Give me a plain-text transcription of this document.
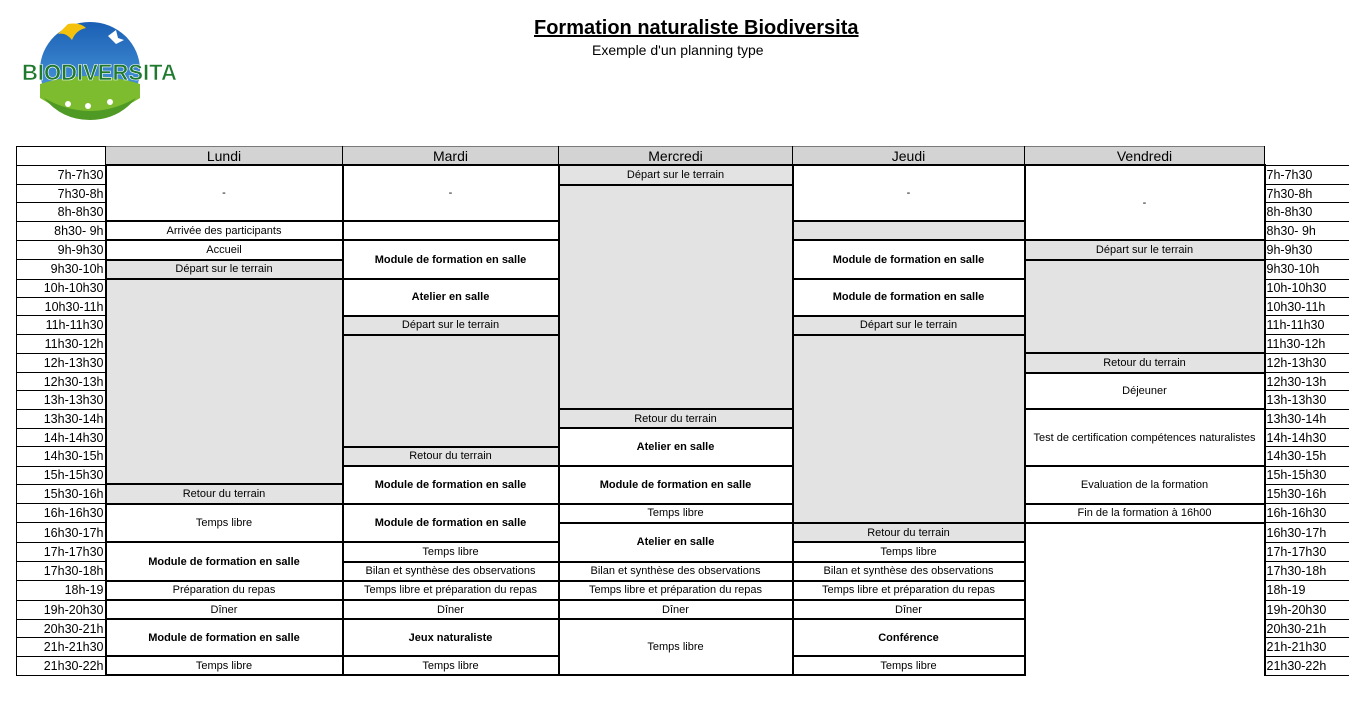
BIODIVERSITA
Formation naturaliste Biodiversita
Exemple d'un planning type
	Lundi	Mardi	Mercredi	Jeudi	Vendredi	
7h-7h30	-	-	Départ sur le terrain	-	-	7h-7h30
7h30-8h						7h30-8h
8h-8h30						8h-8h30
8h30- 9h	Arrivée des participants					8h30- 9h
9h-9h30	Accueil	Module de formation en salle		Module de formation en salle	Départ sur le terrain	9h-9h30
9h30-10h	Départ sur le terrain					9h30-10h
10h-10h30		Atelier en salle		Module de formation en salle		10h-10h30
10h30-11h						10h30-11h
11h-11h30		Départ sur le terrain		Départ sur le terrain		11h-11h30
11h30-12h						11h30-12h
12h-13h30					Retour du terrain	12h-13h30
12h30-13h					Déjeuner	12h30-13h
13h-13h30						13h-13h30
13h30-14h			Retour du terrain		Test de certification compétences naturalistes	13h30-14h
14h-14h30			Atelier en salle			14h-14h30
14h30-15h		Retour du terrain				14h30-15h
15h-15h30		Module de formation en salle	Module de formation en salle		Evaluation de la formation	15h-15h30
15h30-16h	Retour du terrain					15h30-16h
16h-16h30	Temps libre	Module de formation en salle	Temps libre		Fin de la formation à 16h00	16h-16h30
16h30-17h			Atelier en salle	Retour du terrain		16h30-17h
17h-17h30	Module de formation en salle	Temps libre		Temps libre		17h-17h30
17h30-18h		Bilan et synthèse des observations	Bilan et synthèse des observations	Bilan et synthèse des observations		17h30-18h
18h-19	Préparation du repas	Temps libre et préparation du repas	Temps libre et préparation du repas	Temps libre et préparation du repas		18h-19
19h-20h30	Dîner	Dîner	Dîner	Dîner		19h-20h30
20h30-21h	Module de formation en salle	Jeux naturaliste	Temps libre	Conférence		20h30-21h
21h-21h30						21h-21h30
21h30-22h	Temps libre	Temps libre		Temps libre		21h30-22h
